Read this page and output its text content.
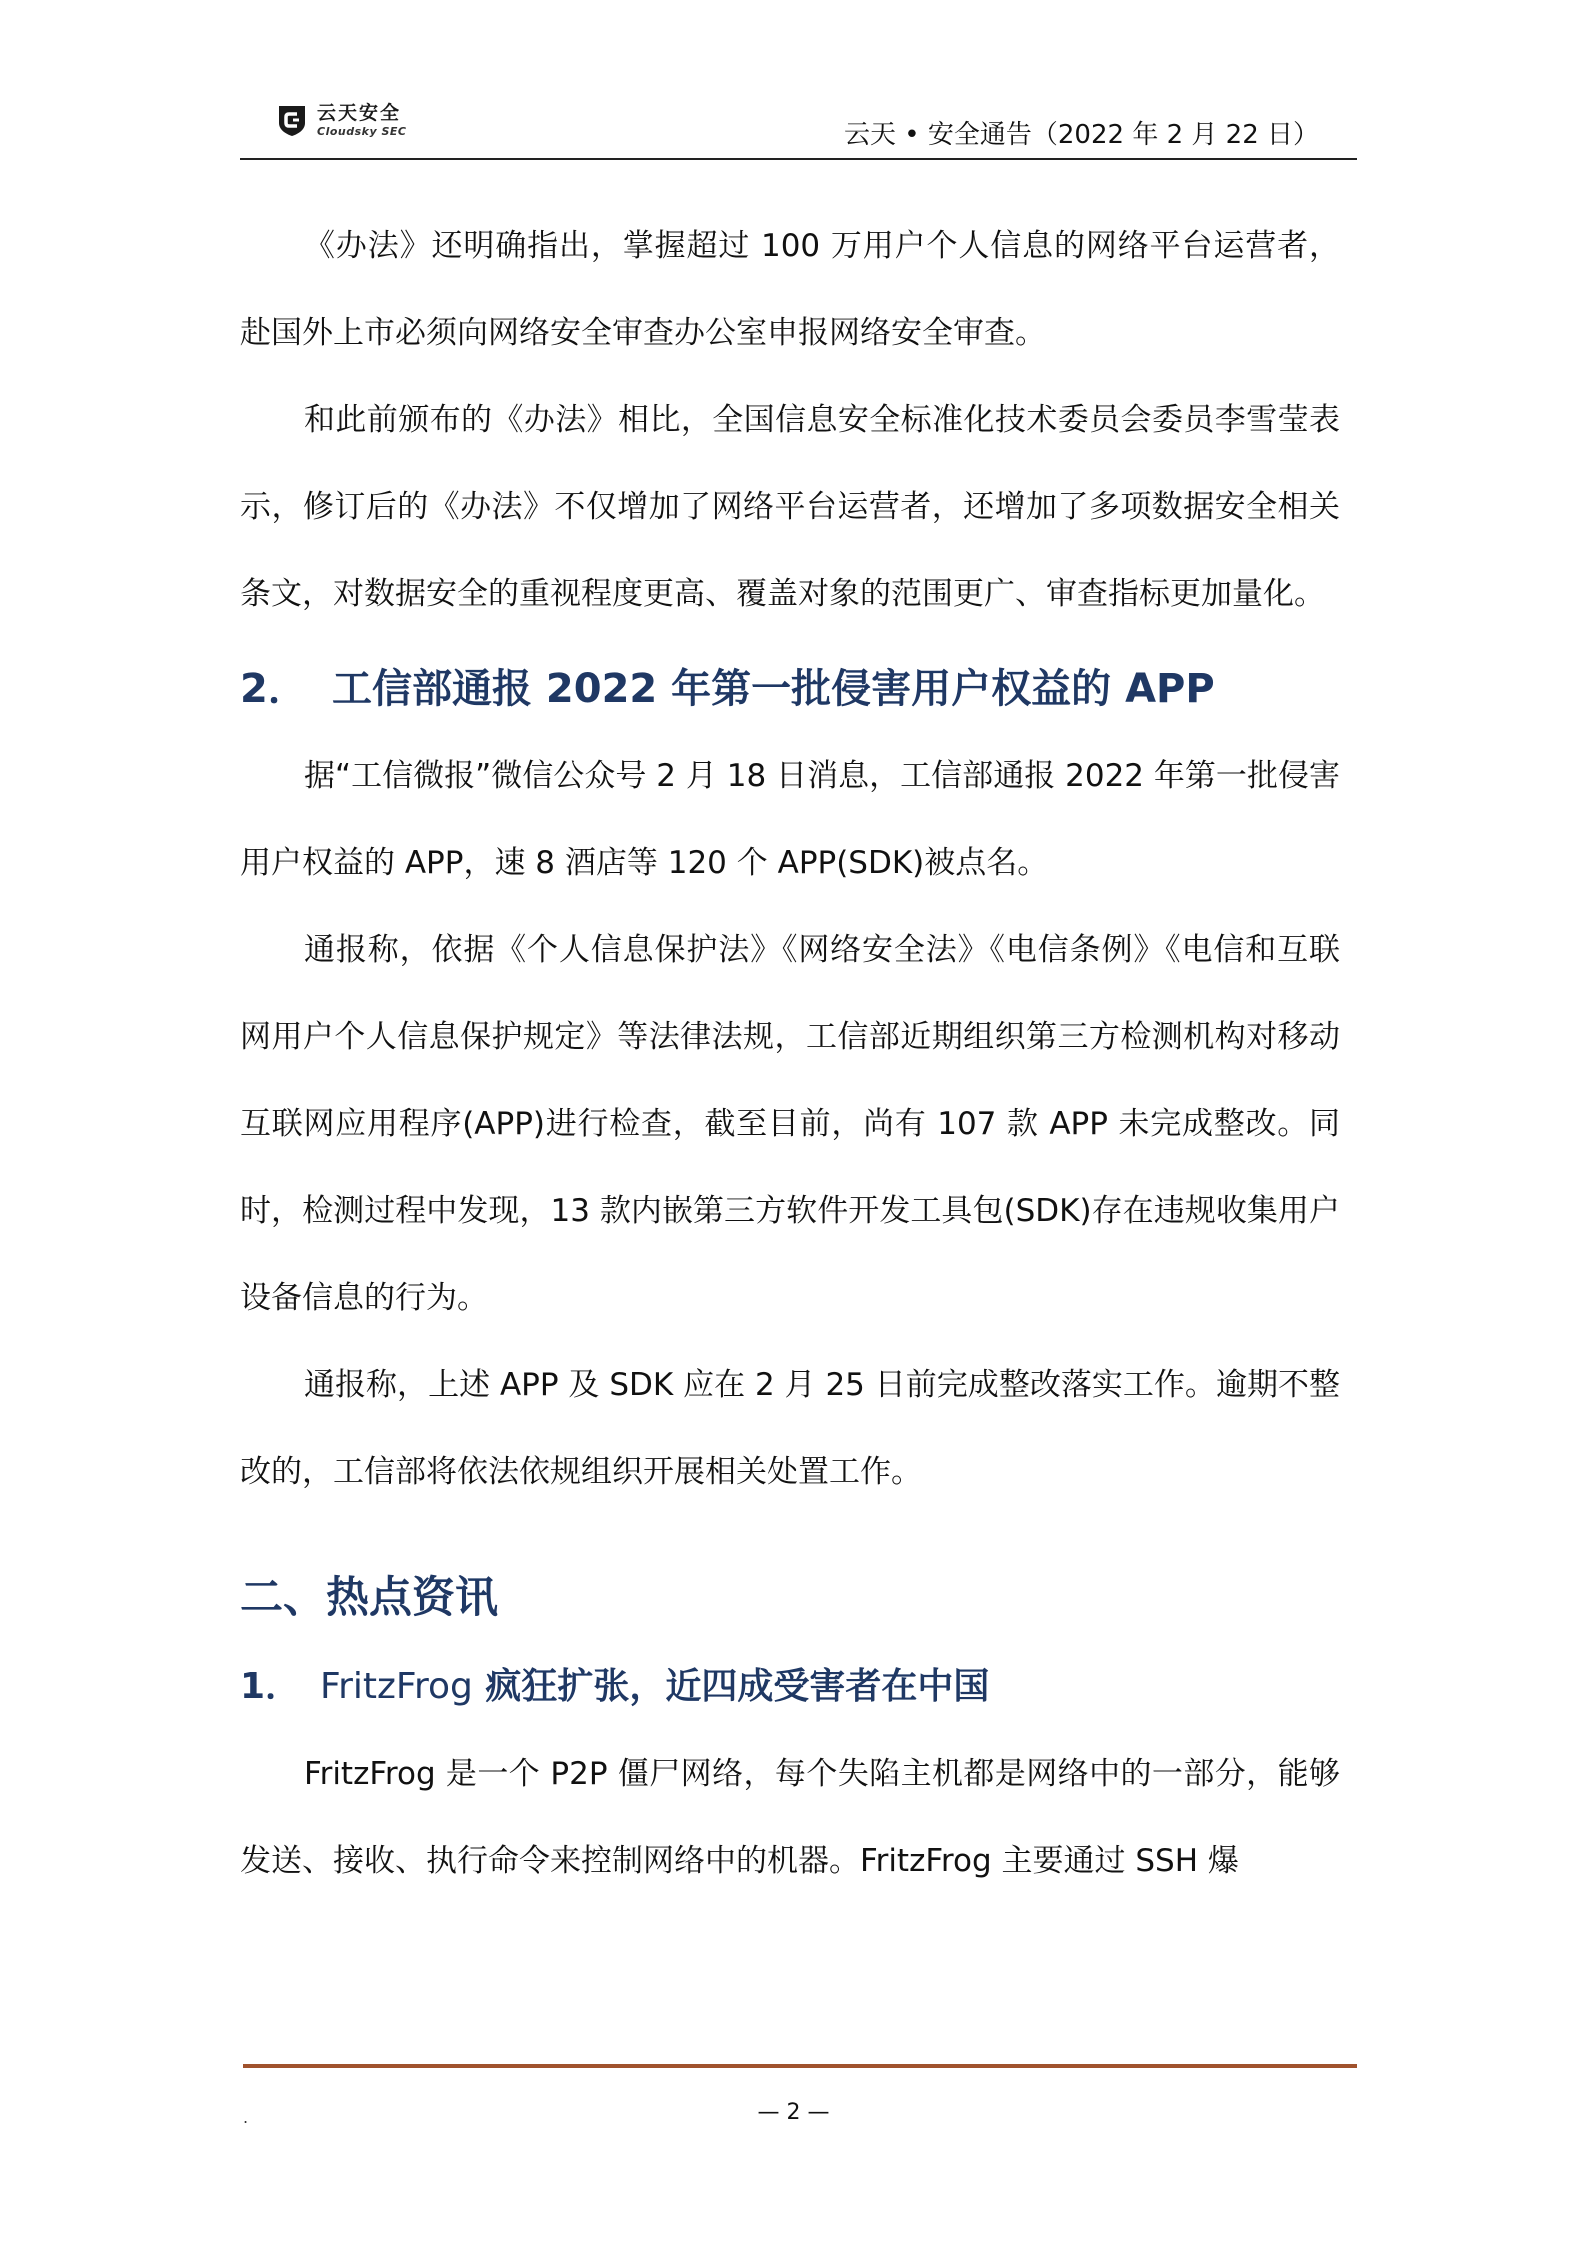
云天安全
Cloudsky SEC	云天 • 安全通告（2022 年 2 月 22 日）

《办法》还明确指出，掌握超过 100 万用户个人信息的网络平台运营者，赴国外上市必须向网络安全审查办公室申报网络安全审查。

和此前颁布的《办法》相比，全国信息安全标准化技术委员会委员李雪莹表示，修订后的《办法》不仅增加了网络平台运营者，还增加了多项数据安全相关条文，对数据安全的重视程度更高、覆盖对象的范围更广、审查指标更加量化。

2． 工信部通报 2022 年第一批侵害用户权益的 APP

据“工信微报”微信公众号 2 月 18 日消息，工信部通报 2022 年第一批侵害用户权益的 APP，速 8 酒店等 120 个 APP(SDK)被点名。

通报称，依据《个人信息保护法》《网络安全法》《电信条例》《电信和互联网用户个人信息保护规定》等法律法规，工信部近期组织第三方检测机构对移动互联网应用程序(APP)进行检查，截至目前，尚有 107 款 APP 未完成整改。同时，检测过程中发现，13 款内嵌第三方软件开发工具包(SDK)存在违规收集用户设备信息的行为。

通报称，上述 APP 及 SDK 应在 2 月 25 日前完成整改落实工作。逾期不整改的，工信部将依法依规组织开展相关处置工作。

二、热点资讯
1． FritzFrog 疯狂扩张，近四成受害者在中国

FritzFrog 是一个 P2P 僵尸网络，每个失陷主机都是网络中的一部分，能够发送、接收、执行命令来控制网络中的机器。FritzFrog 主要通过 SSH 爆

.	— 2 —
